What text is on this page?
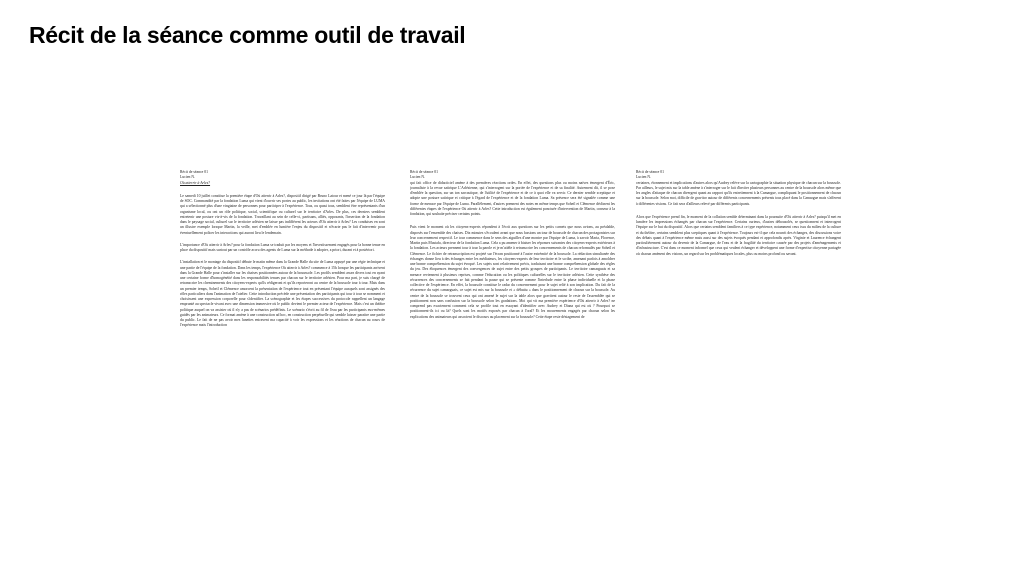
Récit de la séance comme outil de travail
Récit de séance 01
Lucien N.
Où atterrir à Arles?

Le samedi 10 juillet constitue la première étape d'Où atterrir à Arles?, dispositif dirigé par Bruno Latour et mené ce jour là par l'équipe de SOC. Commandité par la fondation Luma qui vient d'ouvrir ses portes au public, les invitations ont été faites par l'équipe de LUMA qui a sélectionné plus d'une vingtaine de personnes pour participer à l'expérience. Tous, ou quasi tous, semblent être représentants d'un organisme local, ou ont un rôle politique, social, scientifique ou culturel sur le territoire d'Arles. De plus, ces derniers semblent entretenir une posture vis-à-vis de la fondation. Travaillant au sein de celle-ci, partisans, alliés, opposants, l'insertion de la fondation dans le paysage social, culturel sur le territoire arlésien ne laisse pas indifférent les acteurs d'Où atterrir à Arles? Les conduises en sont un illustre exemple lorsque Martin, la veille, met d'emblée en lumière l'enjeu du dispositif et n'écarte pas le fait d'intervenir pour éventuellement policer les interactions qui auront lieu le lendemain.

L'importance d'Où atterrir à Arles? pour la fondation Luma se traduit par les moyens et l'investissement engagés pour la bonne tenue en place du dispositif mais surtout par un contrôle accru des agents de Luma sur la méthode à adopter, a priori, durant et à postériori.

L'installation et le montage du dispositif débute le matin même dans la Grande Halle du site de Luma appuyé par une régie technique et une partie de l'équipe de la fondation. Dans les temps, l'expérience Où atterrir à Arles? commence à 15h lorsque les participants arrivent dans la Grande Halle pour s'installer sur les chaises positionnées autour de la bouussole. Les profils semblent assez divers tout en ayant une certaine forme d'homogénéité dans les responsabilités tenues par chacun sur le territoire arlésien. Pour ma part, je suis chargé de retranscrire les cheminements des citoyens-experts qu'ils rédigeront et qu'ils reporteront au centre de la boussole tour à tour. Mais dans un premier temps, Soheil et Clémence amorcent la présentation de l'expérience tout en présentant l'équipe auxquels sont assignés des rôles particuliers dans l'animation de l'atelier. Cette introduction précède une présentation des participants qui tour à tour se nomment et choisissent une expression corporelle pour s'identifier. La scénographie et les étapes successives du protocole rappellent un langage emprunté au spectacle vivant avec une dimension immersive où le public devient le premier acteur de l'expérience. Mais c'est un théâtre politique auquel on va assister où il n'y a pas de scénarios prédéfinis. Le scénario s'écrit au fil de l'eau par les participants eux-mêmes guidés par les animateurs. Ce format amène à une construction ad hoc, en construction perpétuelle qui semble laisser paraitre une partie du public. Le fait de ne pas avoir mes lunettes entravent ma capacité à voir les expressions et les réactions de chacun au cours de l'expérience mais l'introduction

Récit de séance 01
Lucien N.

qui fait office de didacticiel amène à des premières réactions ordes. En effet, des questions plus ou moins naïves émergent d'Éric, journaliste à la revue satirique L'Arlésienne, qui s'interrogent sur la portée de l'expérience et de sa finalité. Autrement dit, il se pose d'emblée la question, sur un ton sarcastique, de l'utilité de l'expérience et de ce à quoi elle va servir. Ce dernier semble sceptique et adopte une posture satirique et critique à l'égard de l'expérience et de la fondation Luma. Sa présence sera été signalée comme une forme de menace par l'équipe de Luma. Parallèlement, d'autres prennent des notes en même temps que Soheil et Clémence déclinent les différentes étapes de l'expérience Où atterrir à Arles? Cette introduction est également ponctuée d'intervention de Martin, conseur à la fondation, qui souhaite préciser certains points.

Puis vient le moment où les citoyens-experts répondent à l'écrit aux questions sur les petits carnets que nous avions, au préalable, disposés sur l'ensemble des chaises. Dix minutes s'écoulent avant que nous fassions un tour de boussole de chacun des protagonistes sur leur concernement respectif. Le tour commence dans le sens des aiguilles d'une montre par l'équipe de Luma, à savoir Maria, Florence, Martin puis Mustafa, directeur de la fondation Luma. Cela a pu amener à biaiser les réponses suivantes des citoyens-experts extérieurs à la fondation. Les acteurs prennent tour à tour la parole et je m'attèle à retranscrire les concernements de chacun reformulés par Soheil et Clémence. Le fichier de retranscription est projeté sur l'écran positionné à l'autre extrémité de la boussole. La rédaction simultanée des échanges donne lieu à des échanges entre les médiateurs, les citoyens-experts de leur territoire et le scribe, amenant parfois à amoldrer une bonne compréhension du sujet évoqué. Les sujets sont relativement précis, traduisant une bonne compréhension globale des règles du jeu. Des éloquences émergent des convergences de sujet entre des petits groupes de participants. Le territoire camarguais et sa menace reviennent à plusieurs reprises, comme l'éducation ou les politiques culturelles sur le territoire arlésien. Cette synthèse des récurrences des concernements se fait pendant la pause qui se présente comme l'interlude entre la phase individuelle et la phase collective de l'expérience. En effet, la boussole constitue le radar du concernement pour le sujet relié à son implication. Du fait de la récurrence du sujet camarguais, ce sujet est mis sur la boussole et « débattu » dans le positionnement de chacun sur la boussole. Au centre de la boussole se trouvent ceux qui ont amené le sujet sur la table alors que gravitent autour le reste de l'assemblée qui se positionnent non sans confusion sur la boussole selon les gradations. Moi qui vit ma première expérience d'Où atterrir à Arles? ne comprend pas exactement comment cela se profile tout en essayant d'identifier avec Audrey et Diana qui est où ? Pourquoi se positionnent-ils ici ou là? Quels sont les motifs exposés par chacun à l'oral? Et les mouvements engagés par chacun selon les explications des animateurs qui associent le discours au placement sur la boussole? Cette étape reste déstagement de

Récit de séance 01
Lucien N.

certaines, étonnement et implications d'autres alors qu'Audrey relève sur la cartographie la situation physique de chacun sur la boussole. Par ailleurs, le sujet mis sur la table amène à s'interroger sur le fait d'inviter plusieurs personnes au centre de la boussole alors même que les angles d'attaque de chacun divergent quant au rapport qu'ils entretiennent à la Camargue, compliquant le positionnement de chacun sur la boussole. Selon moi, difficile de gravitor autour de différents concernements présents tous placé dans la Camargue mais s'afferent à différentes visions. Ce fait sera d'ailleurs relevé par différents participants.

Alors que l'expérience prend fin, le moment de la collation semble déterminant dans la poursuite d'Où atterrir à Arles? puisqu'il met en lumière les impressions échangés par chacun sur l'expérience. Certains curieux, d'autres débousolés, se questionnent et interrogent l'équipe sur le but du dispositif. Alors que certains semblent familiers à ce type expérience, notamment ceux issu du milieu de la culture et du théâtre, certains semblent plus sceptiques quant à l'expérience. Toujours est-il que cela nourrit des échanges, des discussions voire des débats quant à l'expérience même mais aussi sur des sujets évoqués pendant et approfondis après. Virginie et Laurence échangent particulièrement autour du devenir de la Camargue, de l'eau et de la fragilité du territoire causée par des projets d'aménagements et d'infrastructure. C'est dans ce moment informel que ceux qui veulent échanger et développent une forme d'expertise citoyenne partagée où chacun amènent des visions, un regard sur les problématiques locales, plus ou moins profond ou savant.
